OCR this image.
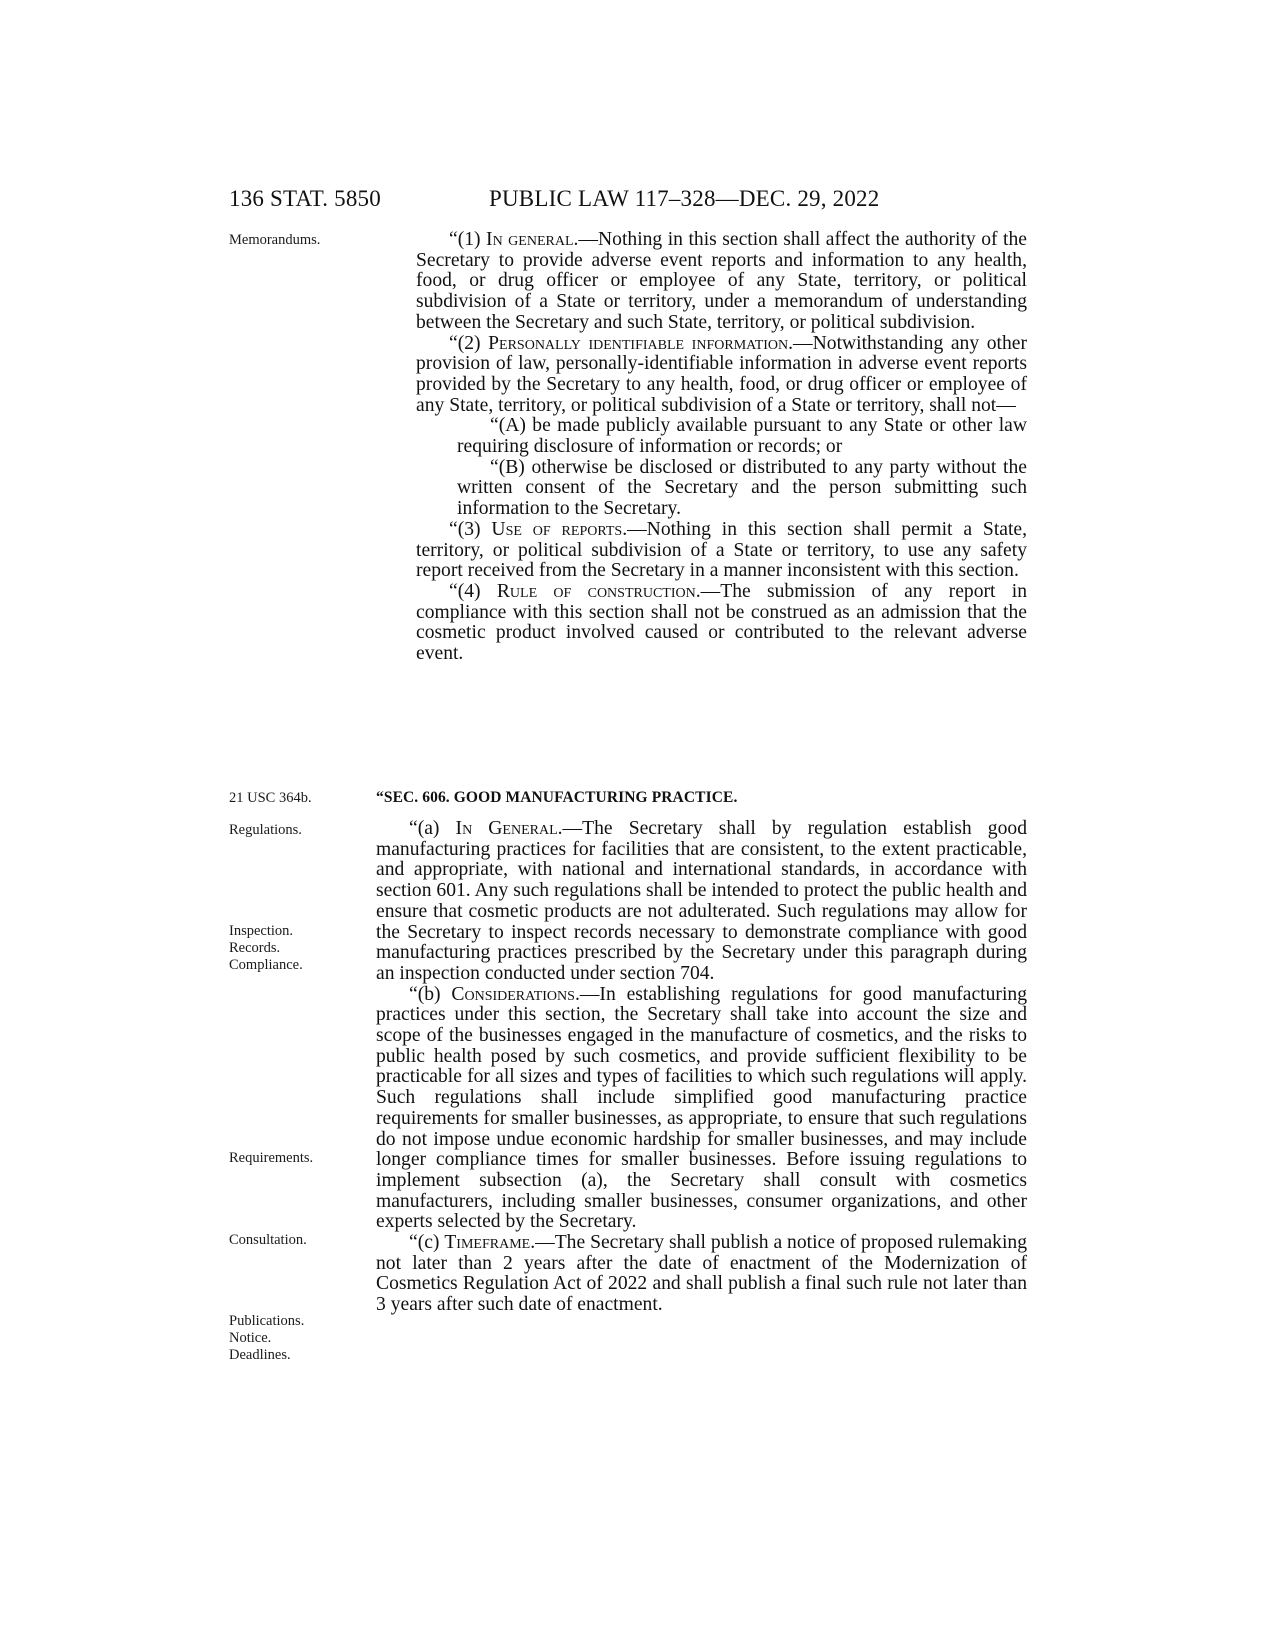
136 STAT. 5850	PUBLIC LAW 117–328—DEC. 29, 2022
Memorandums.
21 USC 364b.
Regulations.
Inspection.
Records.
Compliance.
Requirements.
Consultation.
Publications.
Notice.
Deadlines.

“(1) In general.—Nothing in this section shall affect the authority of the Secretary to provide adverse event reports and information to any health, food, or drug officer or employee of any State, territory, or political subdivision of a State or territory, under a memorandum of understanding between the Secretary and such State, territory, or political subdivision.

“(2) Personally identifiable information.—Notwithstanding any other provision of law, personally-identifiable information in adverse event reports provided by the Secretary to any health, food, or drug officer or employee of any State, territory, or political subdivision of a State or territory, shall not—

“(A) be made publicly available pursuant to any State or other law requiring disclosure of information or records; or

“(B) otherwise be disclosed or distributed to any party without the written consent of the Secretary and the person submitting such information to the Secretary.

“(3) Use of reports.—Nothing in this section shall permit a State, territory, or political subdivision of a State or territory, to use any safety report received from the Secretary in a manner inconsistent with this section.

“(4) Rule of construction.—The submission of any report in compliance with this section shall not be construed as an admission that the cosmetic product involved caused or contributed to the relevant adverse event.

“SEC. 606. GOOD MANUFACTURING PRACTICE.

“(a) In General.—The Secretary shall by regulation establish good manufacturing practices for facilities that are consistent, to the extent practicable, and appropriate, with national and international standards, in accordance with section 601. Any such regulations shall be intended to protect the public health and ensure that cosmetic products are not adulterated. Such regulations may allow for the Secretary to inspect records necessary to demonstrate compliance with good manufacturing practices prescribed by the Secretary under this paragraph during an inspection conducted under section 704.

“(b) Considerations.—In establishing regulations for good manufacturing practices under this section, the Secretary shall take into account the size and scope of the businesses engaged in the manufacture of cosmetics, and the risks to public health posed by such cosmetics, and provide sufficient flexibility to be practicable for all sizes and types of facilities to which such regulations will apply. Such regulations shall include simplified good manufacturing practice requirements for smaller businesses, as appropriate, to ensure that such regulations do not impose undue economic hardship for smaller businesses, and may include longer compliance times for smaller businesses. Before issuing regulations to implement subsection (a), the Secretary shall consult with cosmetics manufacturers, including smaller businesses, consumer organizations, and other experts selected by the Secretary.

“(c) Timeframe.—The Secretary shall publish a notice of proposed rulemaking not later than 2 years after the date of enactment of the Modernization of Cosmetics Regulation Act of 2022 and shall publish a final such rule not later than 3 years after such date of enactment.
